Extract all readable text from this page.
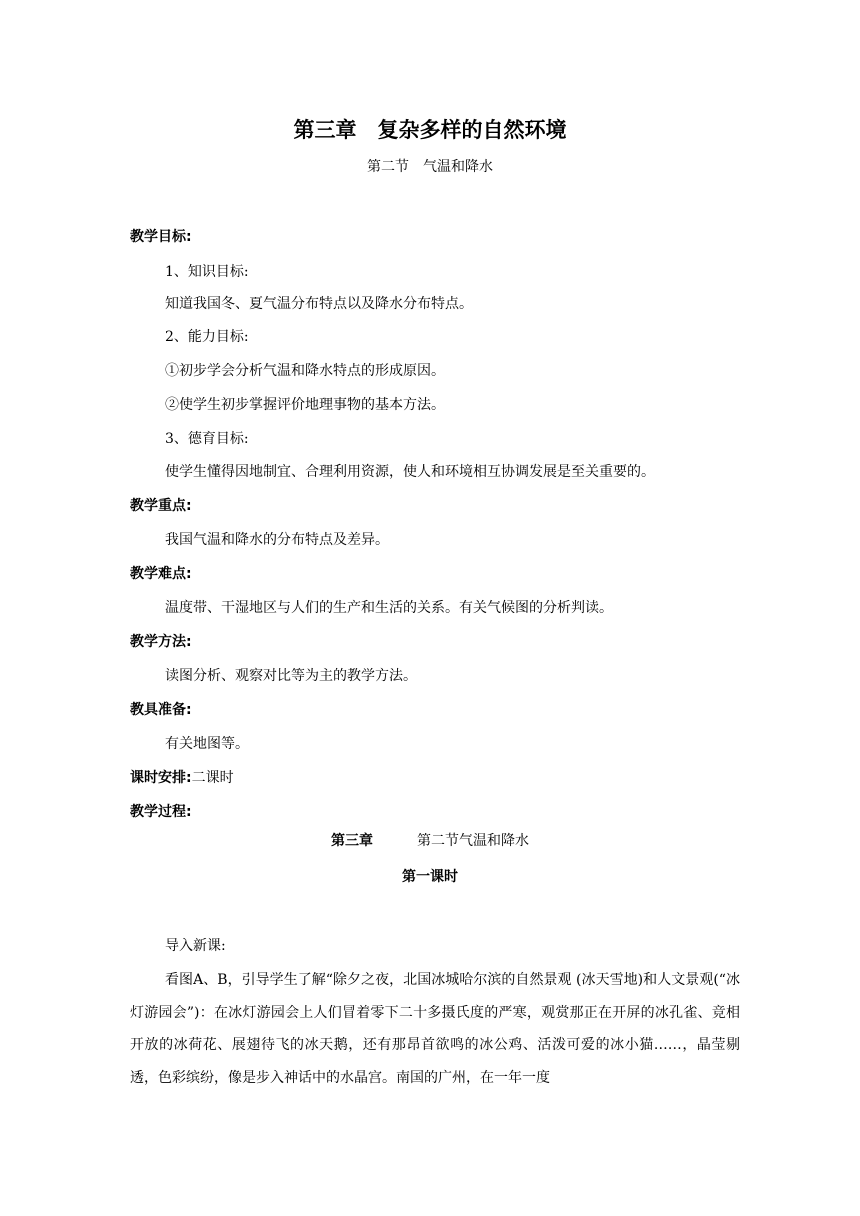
第三章　复杂多样的自然环境
第二节　气温和降水
教学目标:
1、知识目标:
知道我国冬、夏气温分布特点以及降水分布特点。
2、能力目标:
①初步学会分析气温和降水特点的形成原因。
②使学生初步掌握评价地理事物的基本方法。
3、德育目标:
使学生懂得因地制宜、合理利用资源，使人和环境相互协调发展是至关重要的。
教学重点:
我国气温和降水的分布特点及差异。
教学难点:
温度带、干湿地区与人们的生产和生活的关系。有关气候图的分析判读。
教学方法:
读图分析、观察对比等为主的教学方法。
教具准备:
有关地图等。
课时安排:二课时
教学过程:
第三章	第二节气温和降水
第一课时
导入新课:
看图A、B，引导学生了解“除夕之夜，北国冰城哈尔滨的自然景观 (冰天雪地)和人文景观(“冰灯游园会”)：在冰灯游园会上人们冒着零下二十多摄氏度的严寒，观赏那正在开屏的冰孔雀、竞相开放的冰荷花、展翅待飞的冰天鹅，还有那昂首欲鸣的冰公鸡、活泼可爱的冰小猫……，晶莹剔透，色彩缤纷，像是步入神话中的水晶宫。南国的广州，在一年一度
